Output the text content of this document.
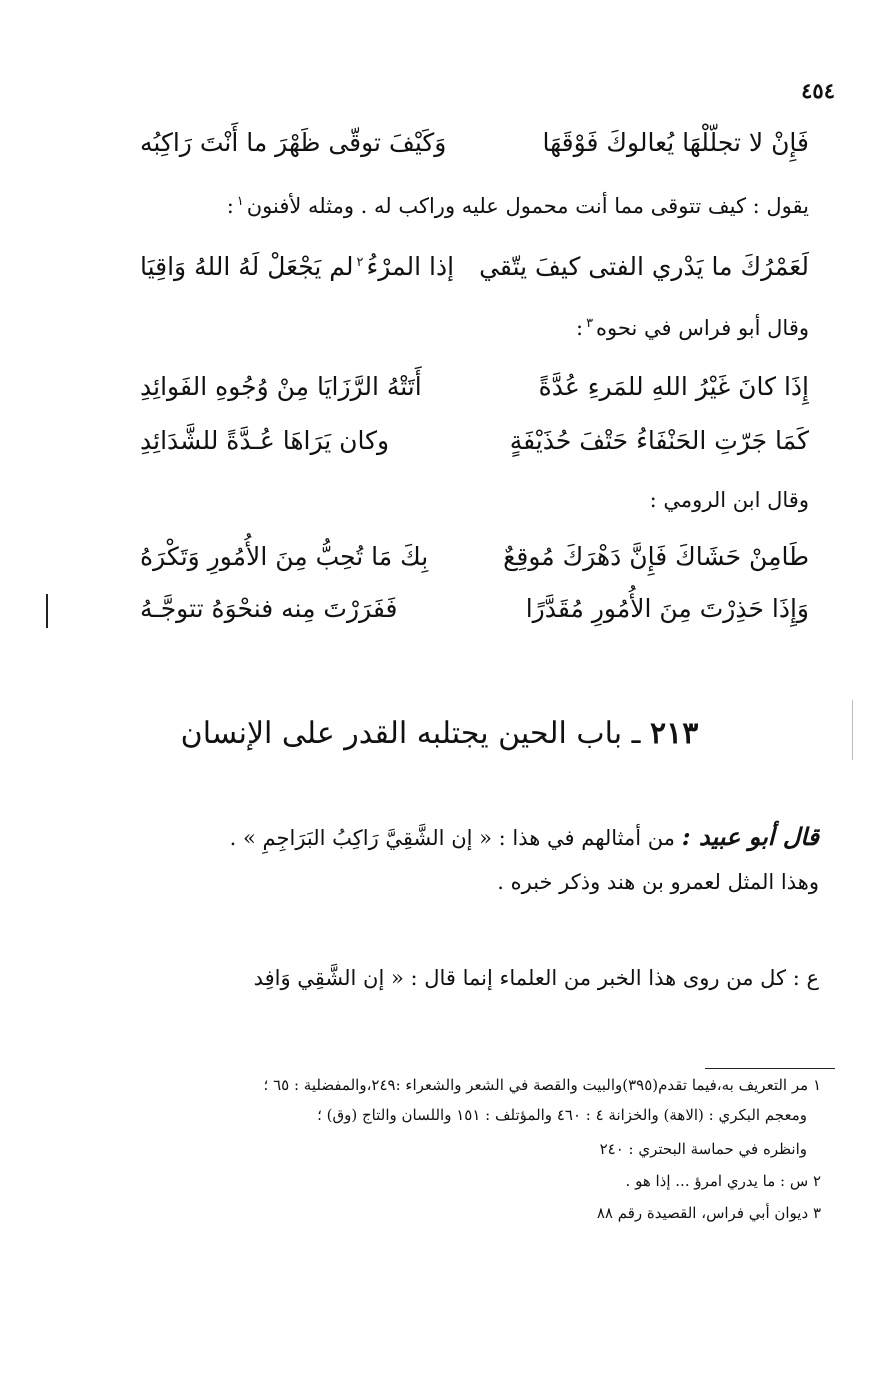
٤٥٤
فَإِنْ لا تجلّلْهَا يُعالوكَ فَوْقَهَا
وَكَيْفَ توقّى ظَهْرَ ما أَنْتَ رَاكِبُه
يقول : كيف تتوقى مما أنت محمول عليه وراكب له . ومثله لأفنون$^١$:
لَعَمْرُكَ ما يَدْري الفتى كيفَ يتّقي
إذا المرْءُ$^٢$لم يَجْعَلْ لَهُ اللهُ وَاقِيَا
وقال أبو فراس في نحوه$^٣$:
إِذَا كانَ غَيْرُ اللهِ للمَرءِ عُدَّةً
أَتَتْهُ الرَّزَايَا مِنْ وُجُوهِ الفَوائِدِ
كَمَا جَرّتِ الحَنْفَاءُ حَتْفَ حُذَيْفَةٍ
وكان يَرَاهَا عُـدَّةً للشَّدَائِدِ
وقال ابن الرومي :
طَامِنْ حَشَاكَ فَإِنَّ دَهْرَكَ مُوقِعٌ
بِكَ مَا تُحِبُّ مِنَ الأُمُورِ وَتَكْرَهُ
وَإِذَا حَذِرْتَ مِنَ الأُمُورِ مُقَدَّرًا
فَفَرَرْتَ مِنه فنحْوَهُ تتوجَّـهُ
٢١٣ ـ باب الحين يجتلبه القدر على الإنسان
قال أبو عبيد : من أمثالهم في هذا : « إن الشَّقِيَّ رَاكِبُ البَرَاجِمِ » .
وهذا المثل لعمرو بن هند وذكر خبره .
ع : كل من روى هذا الخبر من العلماء إنما قال : « إن الشَّقِي وَافِد
١ مر التعريف به،فيما تقدم(٣٩٥)والبيت والقصة في الشعر والشعراء :٢٤٩،والمفضلية : ٦٥ ؛
ومعجم البكري : (الاهة) والخزانة ٤ : ٤٦٠ والمؤتلف : ١٥١ واللسان والتاج (وق) ؛
وانظره في حماسة البحتري : ٢٤٠
٢ س : ما يدري امرؤ ... إذا هو .
٣ ديوان أبي فراس، القصيدة رقم ٨٨
